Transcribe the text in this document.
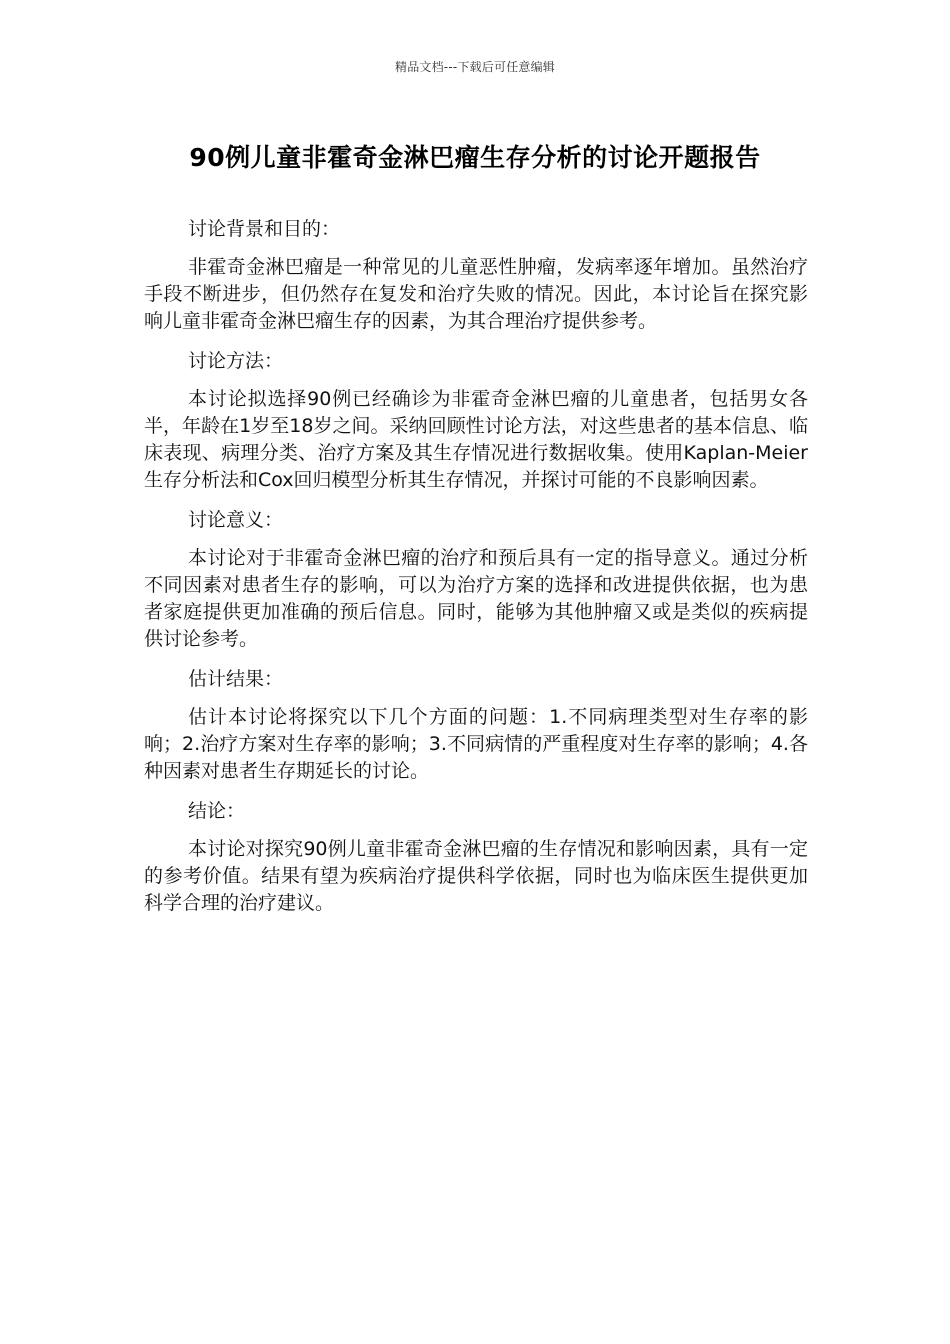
精品文档---下载后可任意编辑
90例儿童非霍奇金淋巴瘤生存分析的讨论开题报告

讨论背景和目的：

非霍奇金淋巴瘤是一种常见的儿童恶性肿瘤，发病率逐年增加。虽然治疗手段不断进步，但仍然存在复发和治疗失败的情况。因此，本讨论旨在探究影响儿童非霍奇金淋巴瘤生存的因素，为其合理治疗提供参考。

讨论方法：

本讨论拟选择90例已经确诊为非霍奇金淋巴瘤的儿童患者，包括男女各半，年龄在1岁至18岁之间。采纳回顾性讨论方法，对这些患者的基本信息、临床表现、病理分类、治疗方案及其生存情况进行数据收集。使用Kaplan-Meier生存分析法和Cox回归模型分析其生存情况，并探讨可能的不良影响因素。

讨论意义：

本讨论对于非霍奇金淋巴瘤的治疗和预后具有一定的指导意义。通过分析不同因素对患者生存的影响，可以为治疗方案的选择和改进提供依据，也为患者家庭提供更加准确的预后信息。同时，能够为其他肿瘤又或是类似的疾病提供讨论参考。

估计结果：

估计本讨论将探究以下几个方面的问题：1.不同病理类型对生存率的影响；2.治疗方案对生存率的影响；3.不同病情的严重程度对生存率的影响；4.各种因素对患者生存期延长的讨论。

结论：

本讨论对探究90例儿童非霍奇金淋巴瘤的生存情况和影响因素，具有一定的参考价值。结果有望为疾病治疗提供科学依据，同时也为临床医生提供更加科学合理的治疗建议。
